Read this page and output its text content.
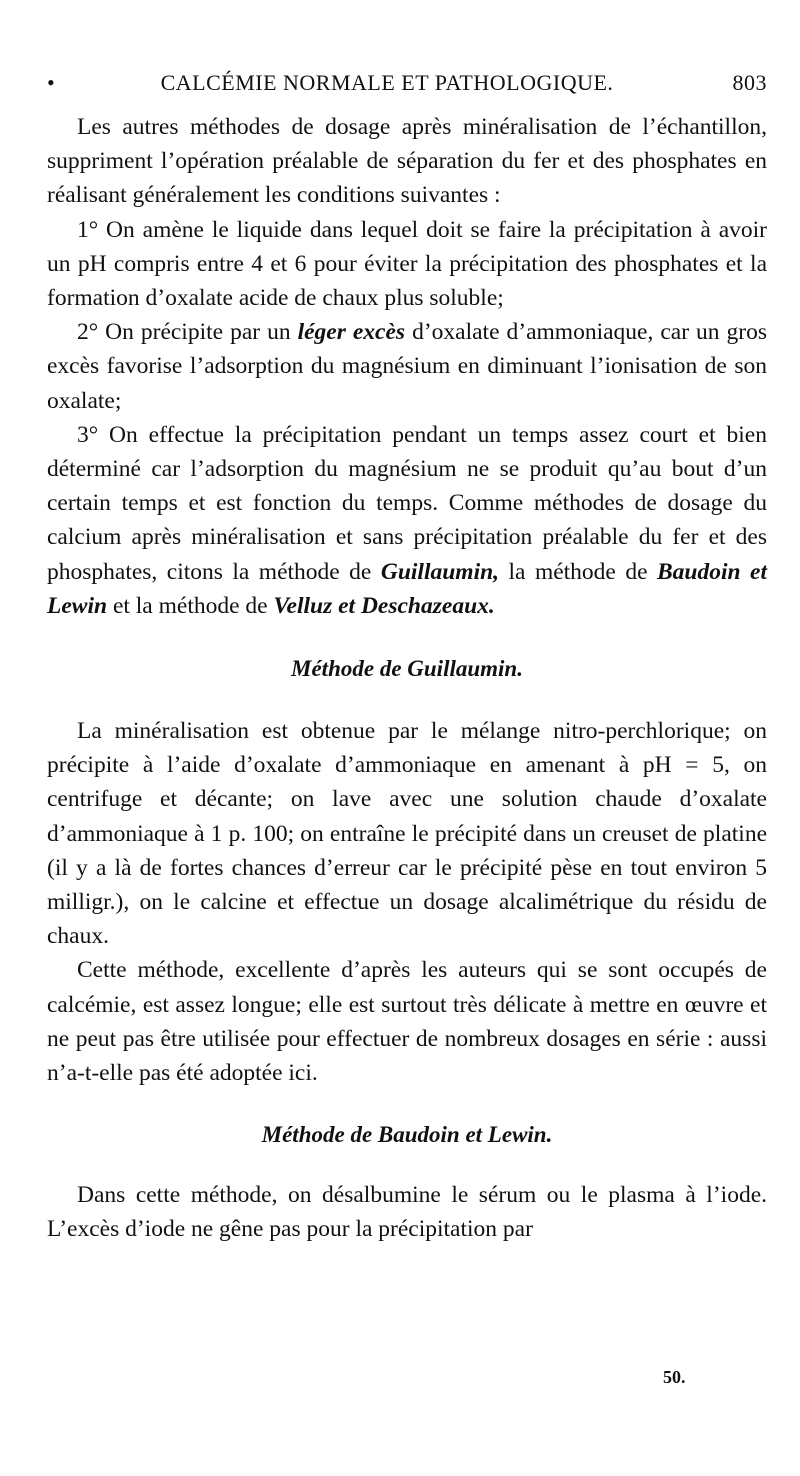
•	CALCÉMIE NORMALE ET PATHOLOGIQUE.	803

Les autres méthodes de dosage après minéralisation de l’échantillon, suppriment l’opération préalable de séparation du fer et des phosphates en réalisant généralement les conditions suivantes :

1° On amène le liquide dans lequel doit se faire la précipitation à avoir un pH compris entre 4 et 6 pour éviter la précipitation des phosphates et la formation d’oxalate acide de chaux plus soluble;

2° On précipite par un léger excès d’oxalate d’ammoniaque, car un gros excès favorise l’adsorption du magnésium en diminuant l’ionisation de son oxalate;

3° On effectue la précipitation pendant un temps assez court et bien déterminé car l’adsorption du magnésium ne se produit qu’au bout d’un certain temps et est fonction du temps. Comme méthodes de dosage du calcium après minéralisation et sans précipitation préalable du fer et des phosphates, citons la méthode de Guillaumin, la méthode de Baudoin et Lewin et la méthode de Velluz et Deschazeaux.

Méthode de Guillaumin.

La minéralisation est obtenue par le mélange nitro-perchlorique; on précipite à l’aide d’oxalate d’ammoniaque en amenant à pH = 5, on centrifuge et décante; on lave avec une solution chaude d’oxalate d’ammoniaque à 1 p. 100; on entraîne le précipité dans un creuset de platine (il y a là de fortes chances d’erreur car le précipité pèse en tout environ 5 milligr.), on le calcine et effectue un dosage alcalimétrique du résidu de chaux.

Cette méthode, excellente d’après les auteurs qui se sont occupés de calcémie, est assez longue; elle est surtout très délicate à mettre en œuvre et ne peut pas être utilisée pour effectuer de nombreux dosages en série : aussi n’a-t-elle pas été adoptée ici.

Méthode de Baudoin et Lewin.

Dans cette méthode, on désalbumine le sérum ou le plasma à l’iode. L’excès d’iode ne gêne pas pour la précipitation par

50.
